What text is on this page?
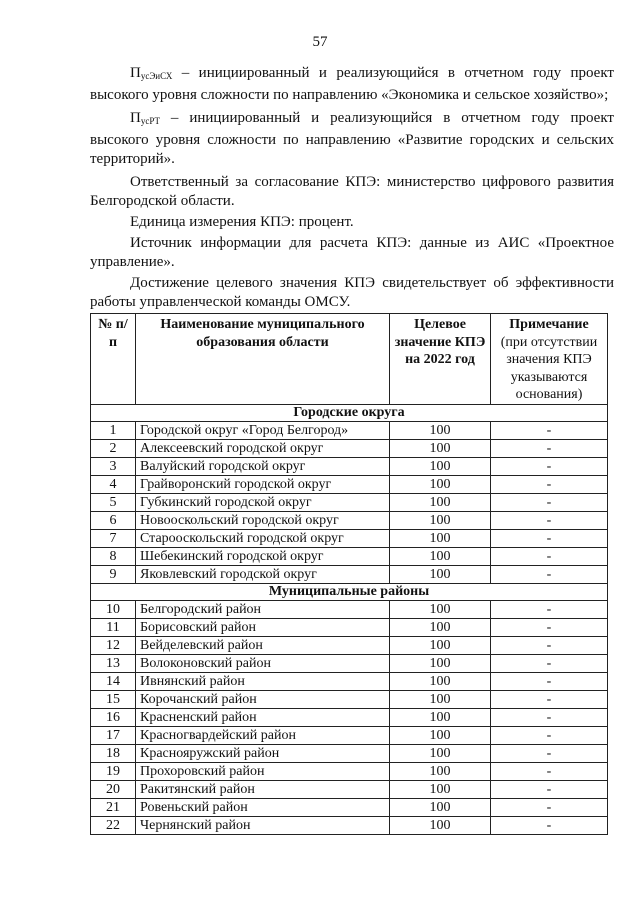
57

$П_{усЭиСХ}$ – инициированный и реализующийся в отчетном году проект высокого уровня сложности по направлению «Экономика и сельское хозяйство»;

$П_{усРТ}$ – инициированный и реализующийся в отчетном году проект высокого уровня сложности по направлению «Развитие городских и сельских территорий».

Ответственный за согласование КПЭ: министерство цифрового развития Белгородской области.

Единица измерения КПЭ: процент.

Источник информации для расчета КПЭ: данные из АИС «Проектное управление».

Достижение целевого значения КПЭ свидетельствует об эффективности работы управленческой команды ОМСУ.

№ п/п	Наименование муниципального образования области	Целевое значение КПЭ на 2022 год	Примечание
(при отсутствии значения КПЭ указываются основания)

Городские округа			
1	Городской округ «Город Белгород»	100	-
2	Алексеевский городской округ	100	-
3	Валуйский городской округ	100	-
4	Грайворонский городской округ	100	-
5	Губкинский городской округ	100	-
6	Новооскольский городской округ	100	-
7	Старооскольский городской округ	100	-
8	Шебекинский городской округ	100	-
9	Яковлевский городской округ	100	-
Муниципальные районы			
10	Белгородский район	100	-
11	Борисовский район	100	-
12	Вейделевский район	100	-
13	Волоконовский район	100	-
14	Ивнянский район	100	-
15	Корочанский район	100	-
16	Красненский район	100	-
17	Красногвардейский район	100	-
18	Краснояружский район	100	-
19	Прохоровский район	100	-
20	Ракитянский район	100	-
21	Ровеньский район	100	-
22	Чернянский район	100	-
